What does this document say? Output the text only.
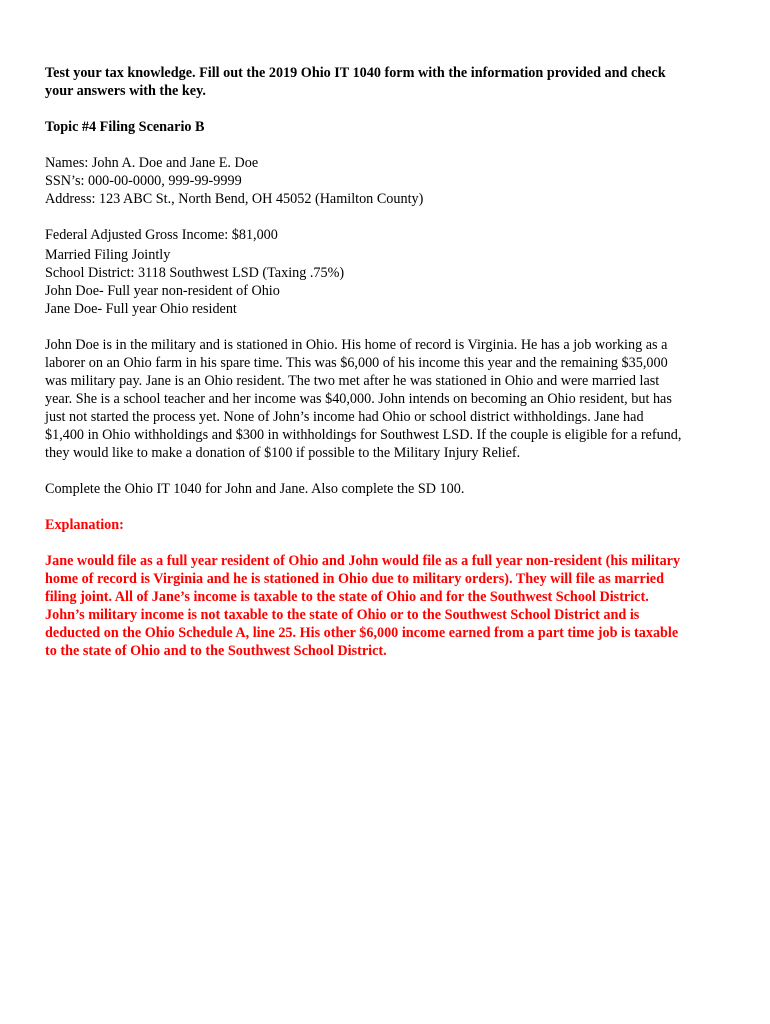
Test your tax knowledge. Fill out the 2019 Ohio IT 1040 form with the information provided and check
your answers with the key.
Topic #4 Filing Scenario B
Names: John A. Doe and Jane E. Doe
SSN’s: 000-00-0000, 999-99-9999
Address: 123 ABC St., North Bend, OH 45052 (Hamilton County)
Federal Adjusted Gross Income: $81,000
Married Filing Jointly
School District: 3118 Southwest LSD (Taxing .75%)
John Doe- Full year non-resident of Ohio
Jane Doe- Full year Ohio resident
John Doe is in the military and is stationed in Ohio. His home of record is Virginia. He has a job working as a
laborer on an Ohio farm in his spare time. This was $6,000 of his income this year and the remaining $35,000
was military pay. Jane is an Ohio resident. The two met after he was stationed in Ohio and were married last
year. She is a school teacher and her income was $40,000. John intends on becoming an Ohio resident, but has
just not started the process yet. None of John’s income had Ohio or school district withholdings. Jane had
$1,400 in Ohio withholdings and $300 in withholdings for Southwest LSD. If the couple is eligible for a refund,
they would like to make a donation of $100 if possible to the Military Injury Relief.
Complete the Ohio IT 1040 for John and Jane. Also complete the SD 100.
Explanation:
Jane would file as a full year resident of Ohio and John would file as a full year non-resident (his military
home of record is Virginia and he is stationed in Ohio due to military orders). They will file as married
filing joint. All of Jane’s income is taxable to the state of Ohio and for the Southwest School District.
John’s military income is not taxable to the state of Ohio or to the Southwest School District and is
deducted on the Ohio Schedule A, line 25. His other $6,000 income earned from a part time job is taxable
to the state of Ohio and to the Southwest School District.
